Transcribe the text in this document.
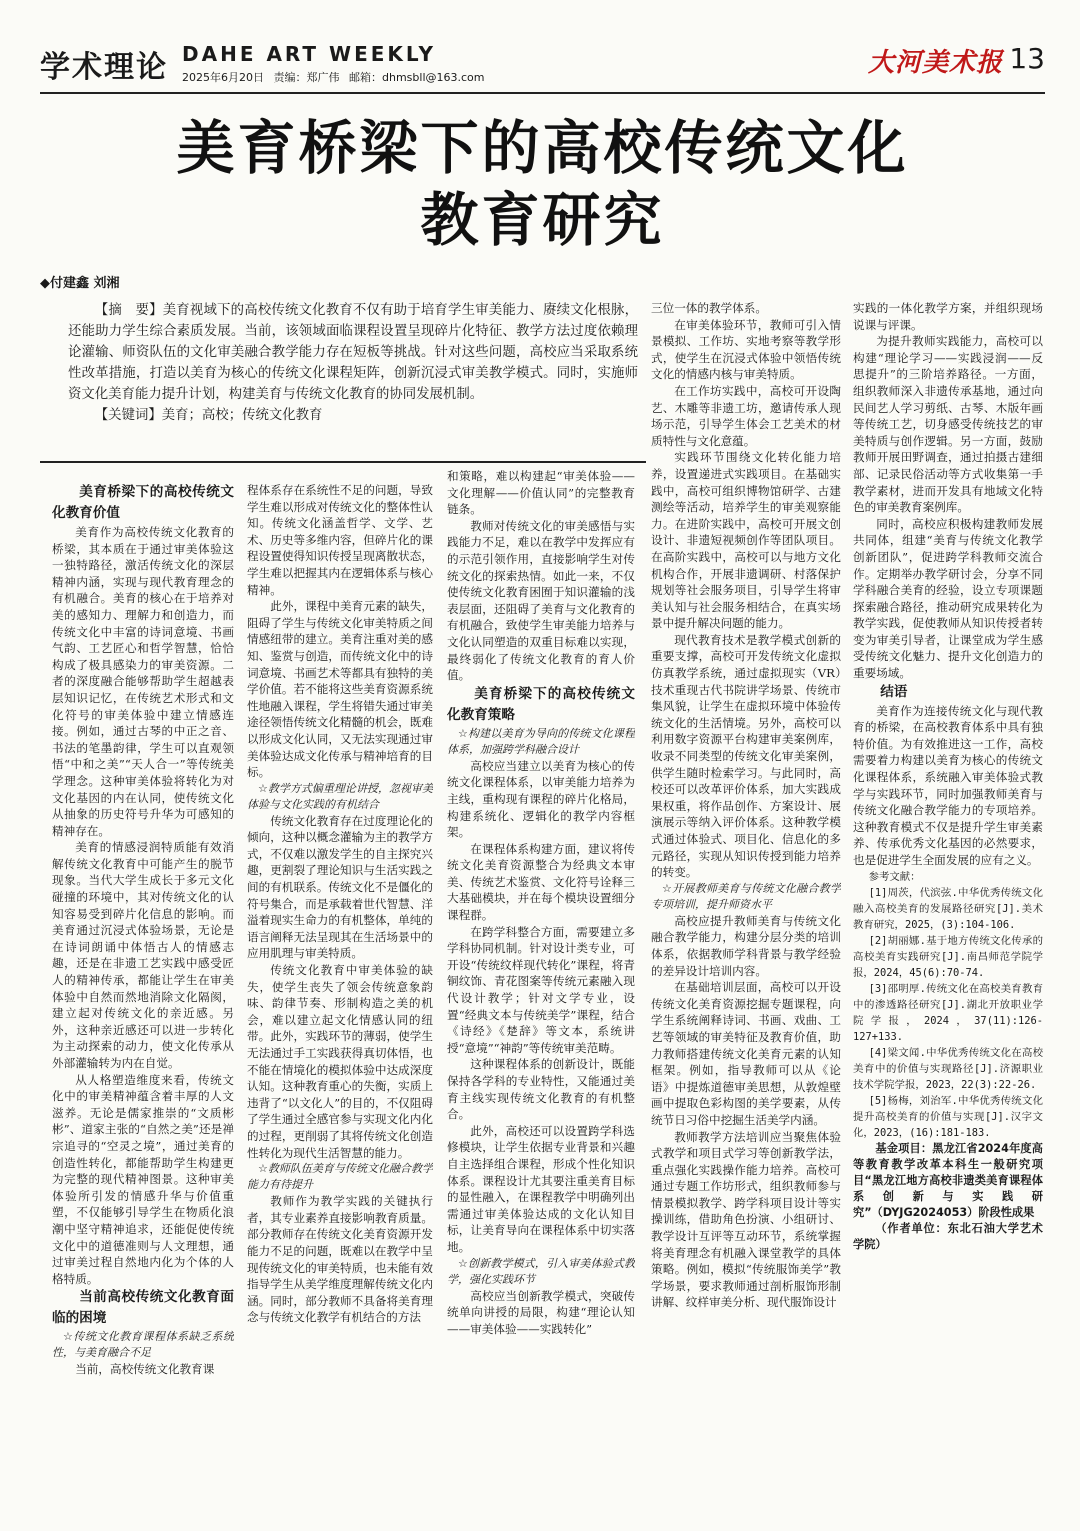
学术理论 DAHE ART WEEKLY
2025年6月20日 责编：郑广伟 邮箱：dhmsbll@163.com	大河美术报 13
美育桥梁下的高校传统文化
教育研究
◆付建鑫 刘湘

【摘　要】美育视域下的高校传统文化教育不仅有助于培育学生审美能力、赓续文化根脉，还能助力学生综合素质发展。当前，该领域面临课程设置呈现碎片化特征、教学方法过度依赖理论灌输、师资队伍的文化审美融合教学能力存在短板等挑战。针对这些问题，高校应当采取系统性改革措施，打造以美育为核心的传统文化课程矩阵，创新沉浸式审美教学模式。同时，实施师资文化美育能力提升计划，构建美育与传统文化教育的协同发展机制。

【关键词】美育；高校；传统文化教育

美育桥梁下的高校传统文化教育价值

美育作为高校传统文化教育的桥梁，其本质在于通过审美体验这一独特路径，激活传统文化的深层精神内涵，实现与现代教育理念的有机融合。美育的核心在于培养对美的感知力、理解力和创造力，而传统文化中丰富的诗词意境、书画气韵、工艺匠心和哲学智慧，恰恰构成了极具感染力的审美资源。二者的深度融合能够帮助学生超越表层知识记忆，在传统艺术形式和文化符号的审美体验中建立情感连接。例如，通过古琴的中正之音、书法的笔墨韵律，学生可以直观领悟“中和之美”“天人合一”等传统美学理念。这种审美体验将转化为对文化基因的内在认同，使传统文化从抽象的历史符号升华为可感知的精神存在。

美育的情感浸润特质能有效消解传统文化教育中可能产生的脱节现象。当代大学生成长于多元文化碰撞的环境中，其对传统文化的认知容易受到碎片化信息的影响。而美育通过沉浸式体验场景，无论是在诗词朗诵中体悟古人的情感志趣，还是在非遗工艺实践中感受匠人的精神传承，都能让学生在审美体验中自然而然地消除文化隔阂，建立起对传统文化的亲近感。另外，这种亲近感还可以进一步转化为主动探索的动力，使文化传承从外部灌输转为内在自觉。

从人格塑造维度来看，传统文化中的审美精神蕴含着丰厚的人文滋养。无论是儒家推崇的“文质彬彬”、道家主张的“自然之美”还是禅宗追寻的“空灵之境”，通过美育的创造性转化，都能帮助学生构建更为完整的现代精神图景。这种审美体验所引发的情感升华与价值重塑，不仅能够引导学生在物质化浪潮中坚守精神追求，还能促使传统文化中的道德准则与人文理想，通过审美过程自然地内化为个体的人格特质。

当前高校传统文化教育面临的困境

☆传统文化教育课程体系缺乏系统性，与美育融合不足

当前，高校传统文化教育课

程体系存在系统性不足的问题，导致学生难以形成对传统文化的整体性认知。传统文化涵盖哲学、文学、艺术、历史等多维内容，但碎片化的课程设置使得知识传授呈现离散状态，学生难以把握其内在逻辑体系与核心精神。

此外，课程中美育元素的缺失，阻碍了学生与传统文化审美特质之间情感纽带的建立。美育注重对美的感知、鉴赏与创造，而传统文化中的诗词意境、书画艺术等都具有独特的美学价值。若不能将这些美育资源系统性地融入课程，学生将错失通过审美途径领悟传统文化精髓的机会，既难以形成文化认同，又无法实现通过审美体验达成文化传承与精神培育的目标。

☆教学方式偏重理论讲授，忽视审美体验与文化实践的有机结合

传统文化教育存在过度理论化的倾向，这种以概念灌输为主的教学方式，不仅难以激发学生的自主探究兴趣，更割裂了理论知识与生活实践之间的有机联系。传统文化不是僵化的符号集合，而是承载着世代智慧、洋溢着现实生命力的有机整体，单纯的语言阐释无法呈现其在生活场景中的应用肌理与审美特质。

传统文化教育中审美体验的缺失，使学生丧失了领会传统意象韵味、韵律节奏、形制构造之美的机会，难以建立起文化情感认同的纽带。此外，实践环节的薄弱，使学生无法通过手工实践获得真切体悟，也不能在情境化的模拟体验中达成深度认知。这种教育重心的失衡，实质上违背了“以文化人”的目的，不仅阻碍了学生通过全感官参与实现文化内化的过程，更削弱了其将传统文化创造性转化为现代生活智慧的能力。

☆教师队伍美育与传统文化融合教学能力有待提升

教师作为教学实践的关键执行者，其专业素养直接影响教育质量。部分教师存在传统文化美育资源开发能力不足的问题，既难以在教学中呈现传统文化的审美特质，也未能有效指导学生从美学维度理解传统文化内涵。同时，部分教师不具备将美育理念与传统文化教学有机结合的方法

和策略，难以构建起“审美体验——文化理解——价值认同”的完整教育链条。

教师对传统文化的审美感悟与实践能力不足，难以在教学中发挥应有的示范引领作用，直接影响学生对传统文化的探索热情。如此一来，不仅使传统文化教育困囿于知识灌输的浅表层面，还阻碍了美育与文化教育的有机融合，致使学生审美能力培养与文化认同塑造的双重目标难以实现，最终弱化了传统文化教育的育人价值。

美育桥梁下的高校传统文化教育策略

☆构建以美育为导向的传统文化课程体系，加强跨学科融合设计

高校应当建立以美育为核心的传统文化课程体系，以审美能力培养为主线，重构现有课程的碎片化格局，构建系统化、逻辑化的教学内容框架。

在课程体系构建方面，建议将传统文化美育资源整合为经典文本审美、传统艺术鉴赏、文化符号诠释三大基础模块，并在每个模块设置细分课程群。

在跨学科整合方面，需要建立多学科协同机制。针对设计类专业，可开设“传统纹样现代转化”课程，将青铜纹饰、青花图案等传统元素融入现代设计教学；针对文学专业，设置“经典文本与传统美学”课程，结合《诗经》《楚辞》等文本，系统讲授“意境”“神韵”等传统审美范畴。

这种课程体系的创新设计，既能保持各学科的专业特性，又能通过美育主线实现传统文化教育的有机整合。

此外，高校还可以设置跨学科选修模块，让学生依据专业背景和兴趣自主选择组合课程，形成个性化知识体系。课程设计尤其要注重美育目标的显性融入，在课程教学中明确列出需通过审美体验达成的文化认知目标，让美育导向在课程体系中切实落地。

☆创新教学模式，引入审美体验式教学，强化实践环节

高校应当创新教学模式，突破传统单向讲授的局限，构建“理论认知——审美体验——实践转化”

三位一体的教学体系。

在审美体验环节，教师可引入情景模拟、工作坊、实地考察等教学形式，使学生在沉浸式体验中领悟传统文化的情感内核与审美特质。

在工作坊实践中，高校可开设陶艺、木雕等非遗工坊，邀请传承人现场示范，引导学生体会工艺美术的材质特性与文化意蕴。

实践环节围绕文化转化能力培养，设置递进式实践项目。在基础实践中，高校可组织博物馆研学、古建测绘等活动，培养学生的审美观察能力。在进阶实践中，高校可开展文创设计、非遗短视频创作等团队项目。在高阶实践中，高校可以与地方文化机构合作，开展非遗调研、村落保护规划等社会服务项目，引导学生将审美认知与社会服务相结合，在真实场景中提升解决问题的能力。

现代教育技术是教学模式创新的重要支撑，高校可开发传统文化虚拟仿真教学系统，通过虚拟现实（VR）技术重现古代书院讲学场景、传统市集风貌，让学生在虚拟环境中体验传统文化的生活情境。另外，高校可以利用数字资源平台构建审美案例库，收录不同类型的传统文化审美案例，供学生随时检索学习。与此同时，高校还可以改革评价体系，加大实践成果权重，将作品创作、方案设计、展演展示等纳入评价体系。这种教学模式通过体验式、项目化、信息化的多元路径，实现从知识传授到能力培养的转变。

☆开展教师美育与传统文化融合教学专项培训，提升师资水平

高校应提升教师美育与传统文化融合教学能力，构建分层分类的培训体系，依据教师学科背景与教学经验的差异设计培训内容。

在基础培训层面，高校可以开设传统文化美育资源挖掘专题课程，向学生系统阐释诗词、书画、戏曲、工艺等领域的审美特征及教育价值，助力教师搭建传统文化美育元素的认知框架。例如，指导教师可以从《论语》中提炼道德审美思想，从敦煌壁画中提取色彩构图的美学要素，从传统节日习俗中挖掘生活美学内涵。

教师教学方法培训应当聚焦体验式教学和项目式学习等创新教学法，重点强化实践操作能力培养。高校可通过专题工作坊形式，组织教师参与情景模拟教学、跨学科项目设计等实操训练，借助角色扮演、小组研讨、教学设计互评等互动环节，系统掌握将美育理念有机融入课堂教学的具体策略。例如，模拟“传统服饰美学”教学场景，要求教师通过剖析服饰形制讲解、纹样审美分析、现代服饰设计

实践的一体化教学方案，并组织现场说课与评课。

为提升教师实践能力，高校可以构建“理论学习——实践浸润——反思提升”的三阶培养路径。一方面，组织教师深入非遗传承基地，通过向民间艺人学习剪纸、古琴、木版年画等传统工艺，切身感受传统技艺的审美特质与创作逻辑。另一方面，鼓励教师开展田野调查，通过拍摄古建细部、记录民俗活动等方式收集第一手教学素材，进而开发具有地域文化特色的审美教育案例库。

同时，高校应积极构建教师发展共同体，组建“美育与传统文化教学创新团队”，促进跨学科教师交流合作。定期举办教学研讨会，分享不同学科融合美育的经验，设立专项课题探索融合路径，推动研究成果转化为教学实践，促使教师从知识传授者转变为审美引导者，让课堂成为学生感受传统文化魅力、提升文化创造力的重要场域。

结语

美育作为连接传统文化与现代教育的桥梁，在高校教育体系中具有独特价值。为有效推进这一工作，高校需要着力构建以美育为核心的传统文化课程体系，系统融入审美体验式教学与实践环节，同时加强教师美育与传统文化融合教学能力的专项培养。这种教育模式不仅是提升学生审美素养、传承优秀文化基因的必然要求，也是促进学生全面发展的应有之义。

参考文献：

[1]周茨，代滨弦.中华优秀传统文化融入高校美育的发展路径研究[J].美术教育研究，2025，(3):104-106.

[2]胡丽娜.基于地方传统文化传承的高校美育实践研究[J].南昌师范学院学报，2024，45(6):70-74.

[3]邵明厚.传统文化在高校美育教育中的渗透路径研究[J].湖北开放职业学院学报，2024，37(11):126-127+133.

[4]梁文闻.中华优秀传统文化在高校美育中的价值与实现路径[J].济源职业技术学院学报，2023，22(3):22-26.

[5]杨梅，刘治军.中华优秀传统文化提升高校美育的价值与实现[J].汉字文化，2023，(16):181-183.

基金项目：黑龙江省2024年度高等教育教学改革本科生一般研究项目“黑龙江地方高校非遗类美育课程体系创新与实践研究”（DYJG2024053）阶段性成果

（作者单位：东北石油大学艺术学院）
